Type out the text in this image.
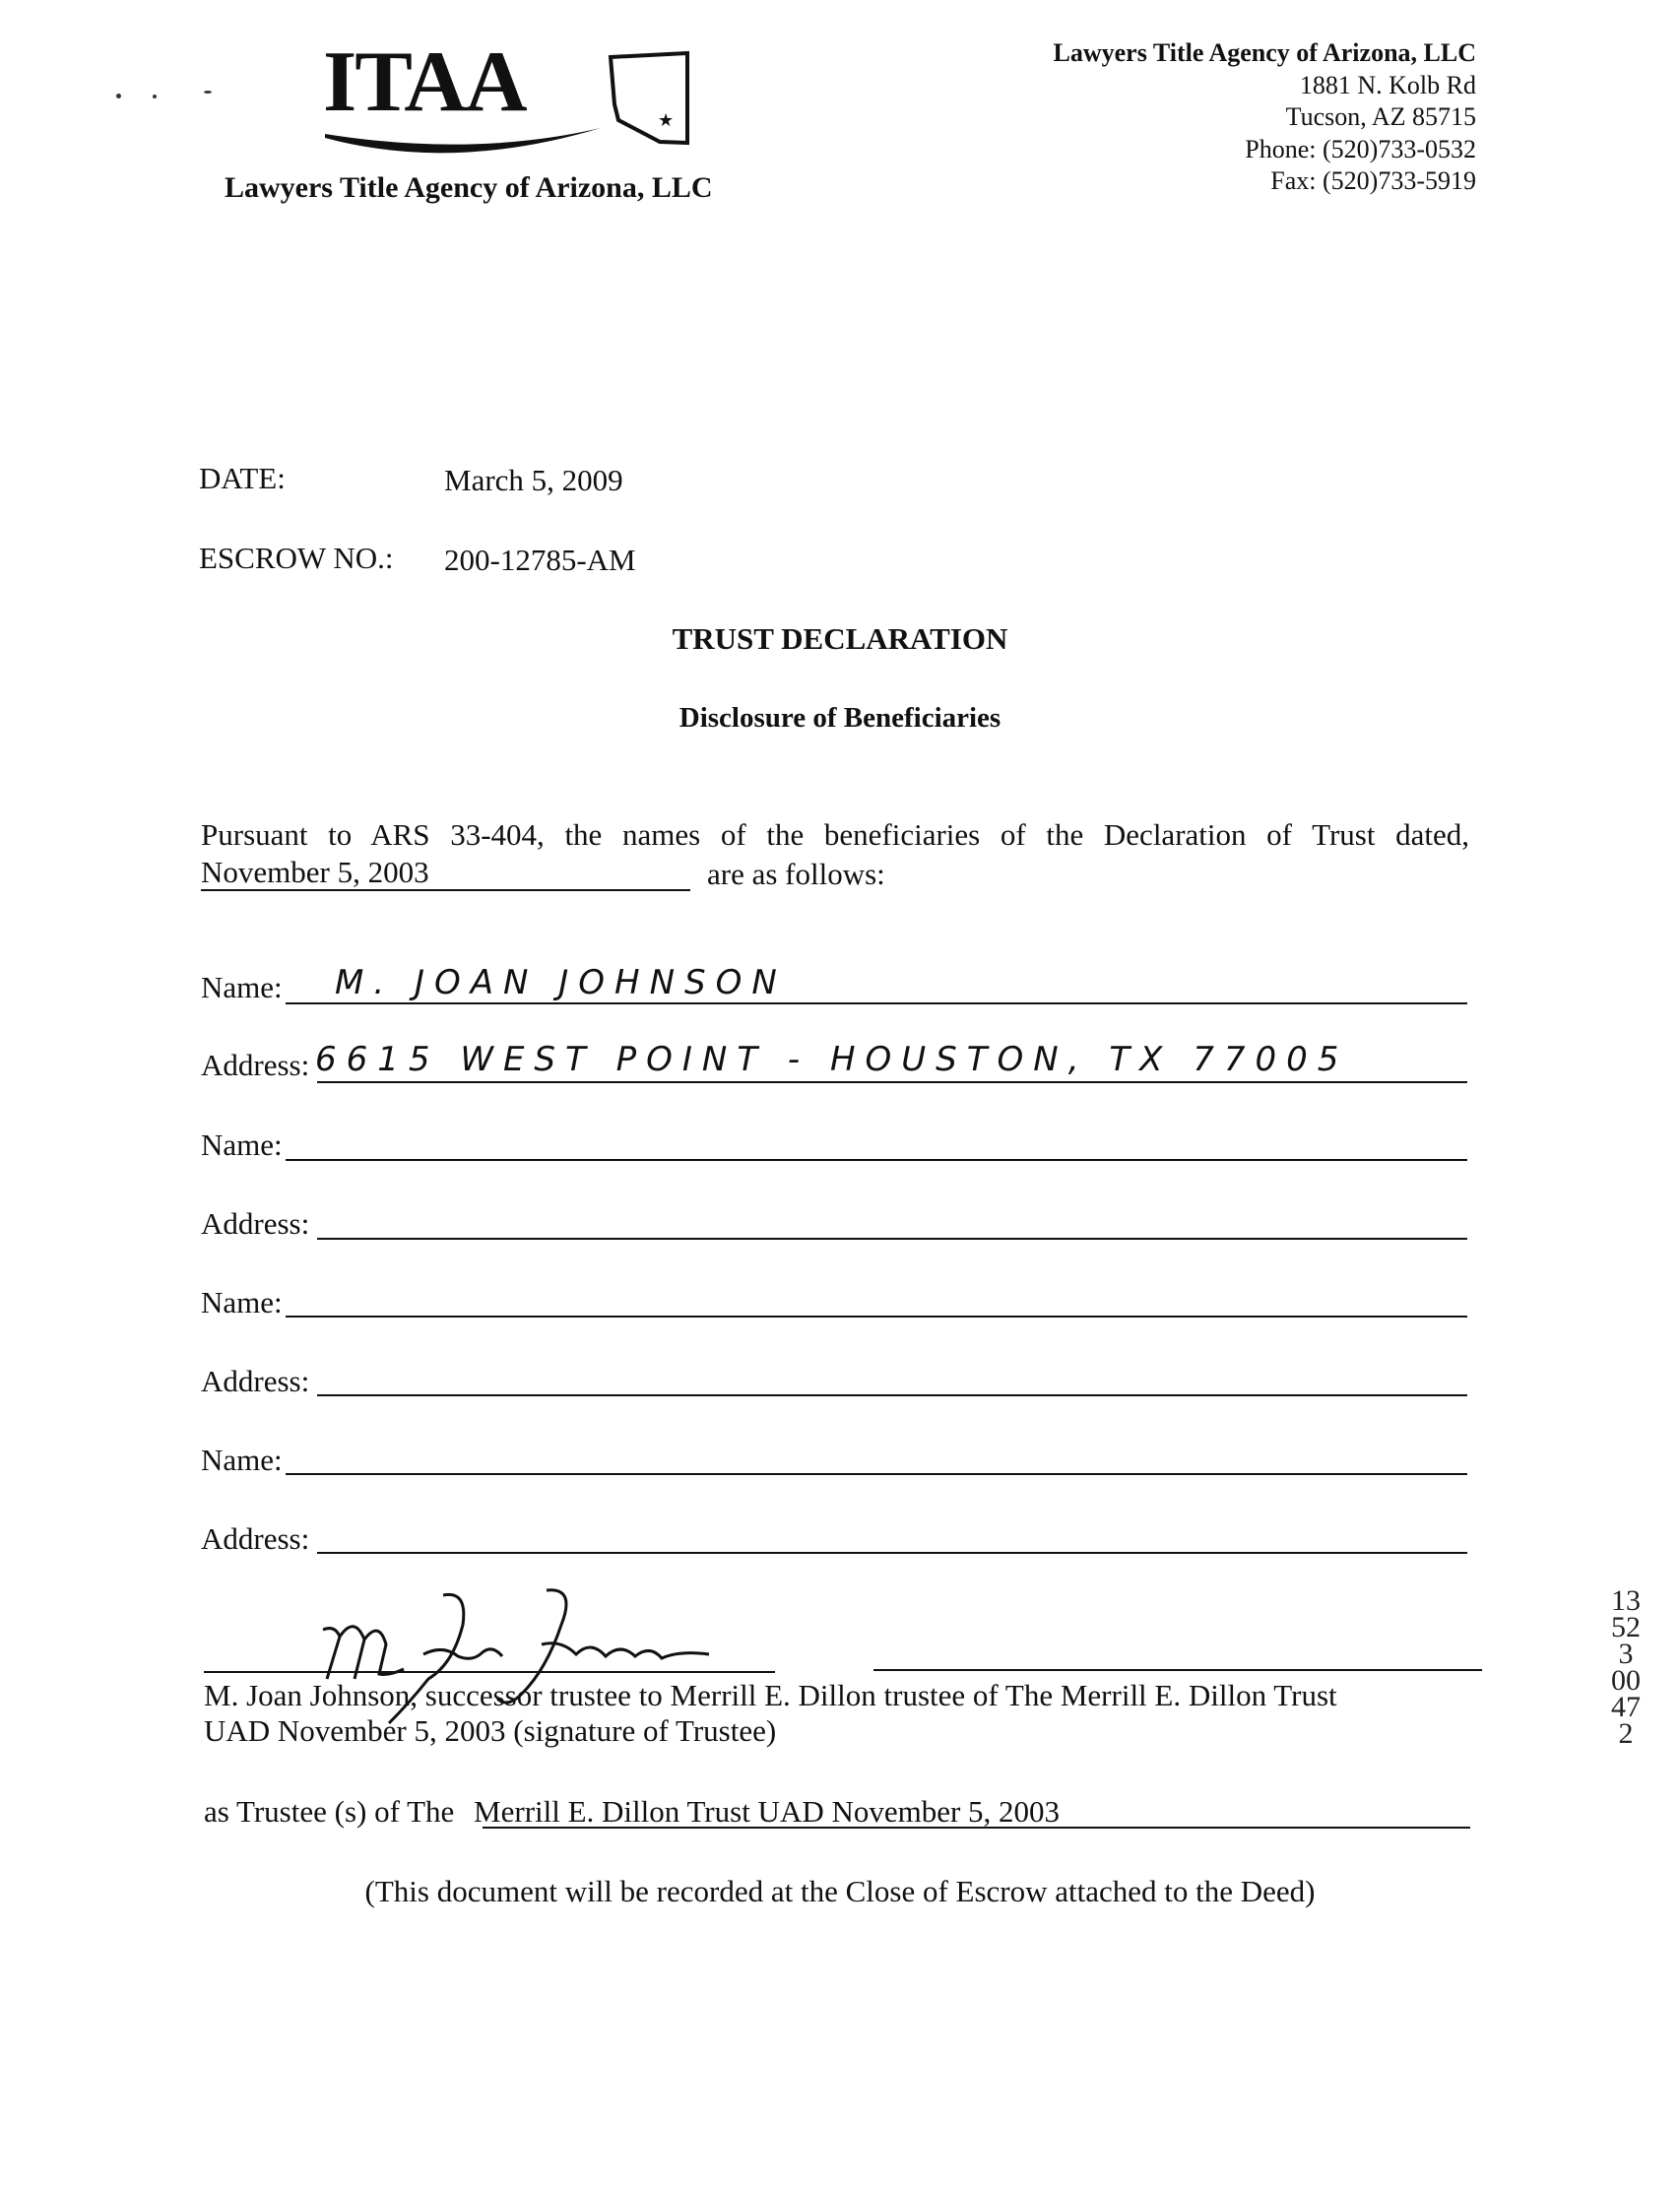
ITAA	★
Lawyers Title Agency of Arizona, LLC
Lawyers Title Agency of Arizona, LLC
1881 N. Kolb Rd
Tucson, AZ 85715
Phone: (520)733-0532
Fax: (520)733-5919
DATE:	March 5, 2009
ESCROW NO.: 200-12785-AM
TRUST DECLARATION
Disclosure of Beneficiaries
Pursuant to ARS 33-404, the names of the beneficiaries of the Declaration of Trust dated,
November 5, 2003	are as follows:
Name: M. JOAN JOHNSON
Address: 6615 WEST POINT - HOUSTON, TX 77005
Name:
Address:
Name:
Address:
Name:
Address:
M. Joan Johnson, successor trustee to Merrill E. Dillon trustee of The Merrill E. Dillon Trust
UAD November 5, 2003 (signature of Trustee)
as Trustee (s) of The Merrill E. Dillon Trust UAD November 5, 2003
(This document will be recorded at the Close of Escrow attached to the Deed)
13523 00472
